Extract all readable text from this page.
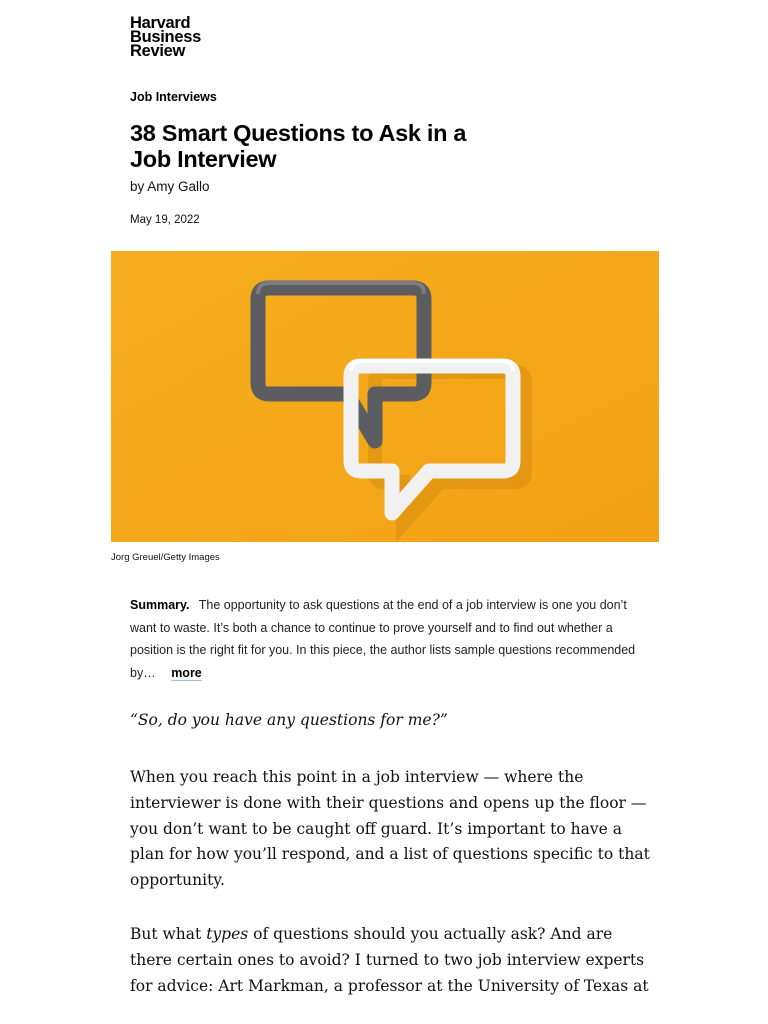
Harvard
Business
Review
Job Interviews
38 Smart Questions to Ask in a
Job Interview
by Amy Gallo
May 19, 2022
Jorg Greuel/Getty Images

Summary. The opportunity to ask questions at the end of a job interview is one you don’t want to waste. It’s both a chance to continue to prove yourself and to find out whether a position is the right fit for you. In this piece, the author lists sample questions recommended by… more

“So, do you have any questions for me?”

When you reach this point in a job interview — where the interviewer is done with their questions and opens up the floor — you don’t want to be caught off guard. It’s important to have a plan for how you’ll respond, and a list of questions specific to that opportunity.

But what types of questions should you actually ask? And are there certain ones to avoid? I turned to two job interview experts for advice: Art Markman, a professor at the University of Texas at
